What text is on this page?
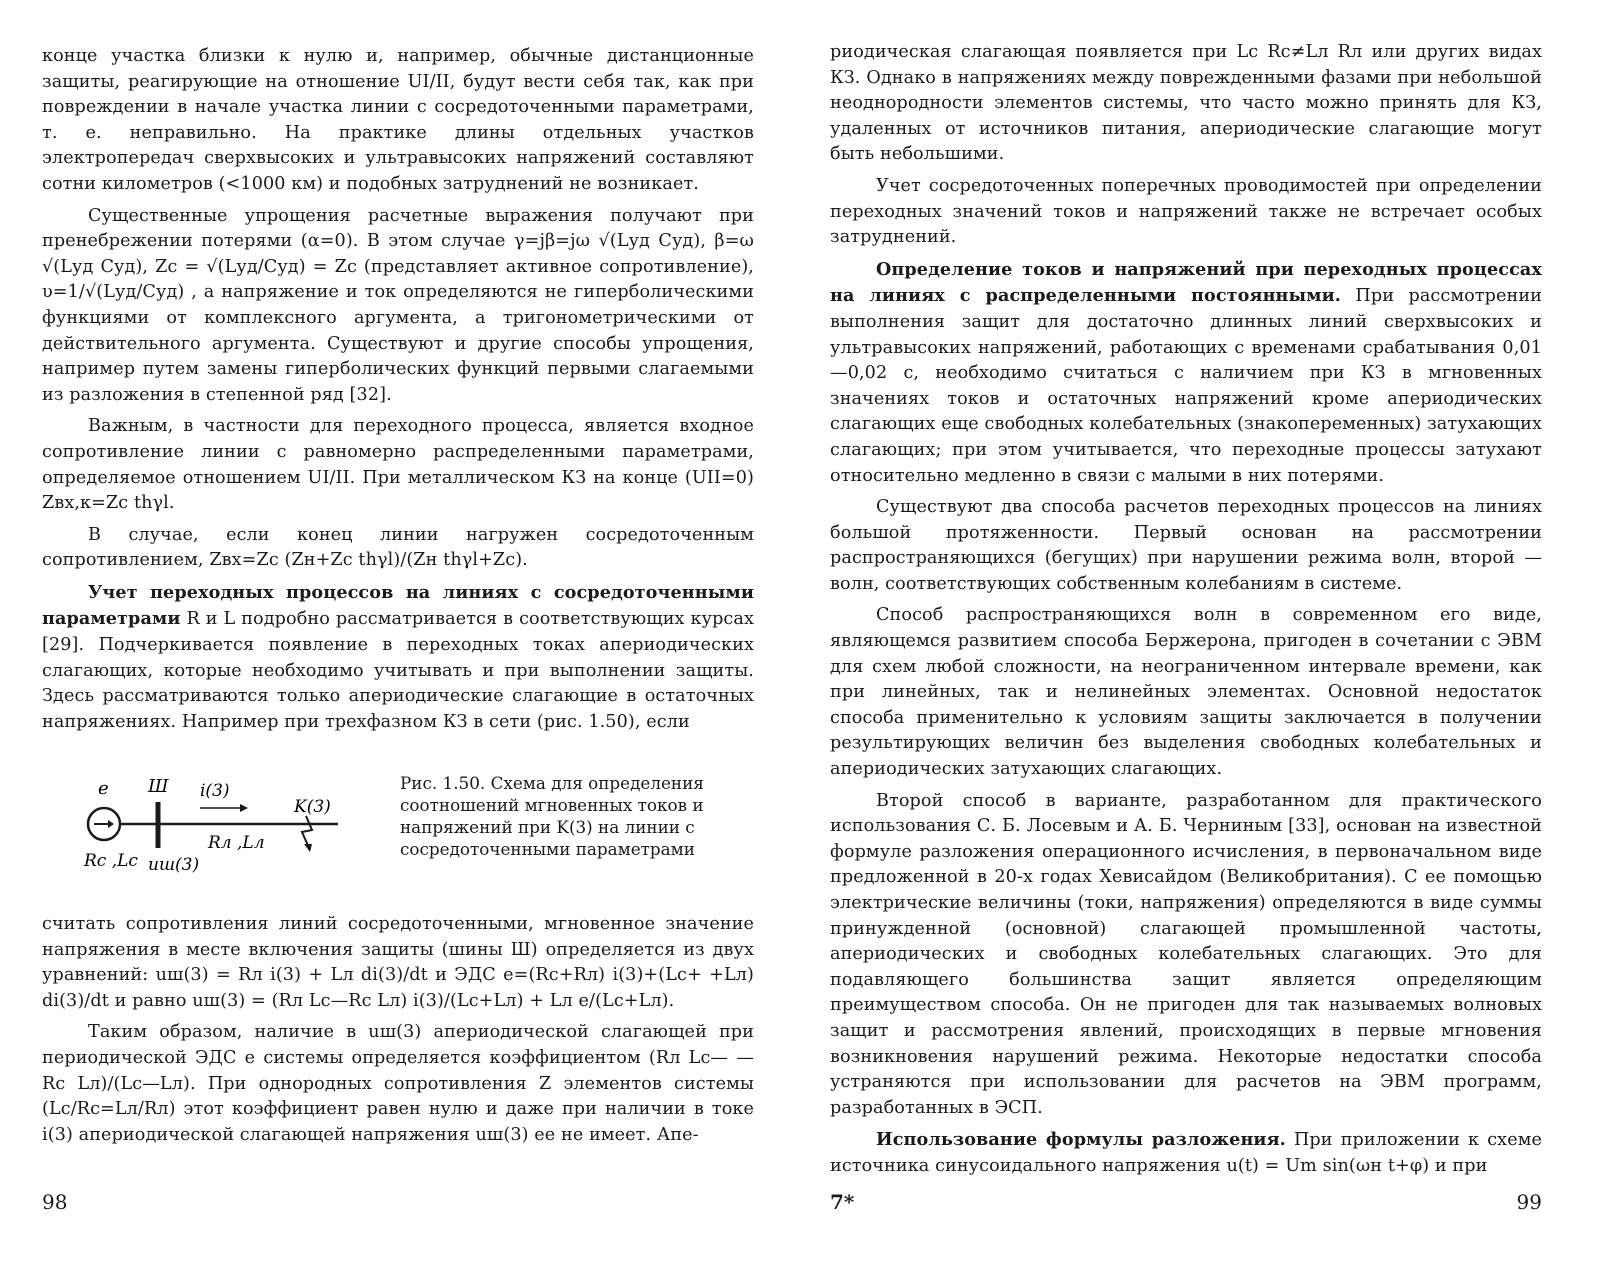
конце участка близки к нулю и, например, обычные дистанционные защиты, реагирующие на отношение UΙ/IΙ, будут вести себя так, как при повреждении в начале участка линии с сосредоточенными параметрами, т. е. неправильно. На практике длины отдельных участков электропередач сверхвысоких и ультравысоких напряжений составляют сотни километров (<1000 км) и подобных затруднений не возникает.

Существенные упрощения расчетные выражения получают при пренебрежении потерями (α=0). В этом случае γ=jβ=jω √(Lуд Cуд), β=ω √(Lуд Cуд), Zc = √(Lуд/Cуд) = Zc (представляет активное сопротивление), υ=1/√(Lуд/Cуд) , а напряжение и ток определяются не гиперболическими функциями от комплексного аргумента, а тригонометрическими от действительного аргумента. Существуют и другие способы упрощения, например путем замены гиперболических функций первыми слагаемыми из разложения в степенной ряд [32].

Важным, в частности для переходного процесса, является входное сопротивление линии с равномерно распределенными параметрами, определяемое отношением UΙ/IΙ. При металлическом КЗ на конце (UΙΙ=0) Zвх,к=Zc thγl.

В случае, если конец линии нагружен сосредоточенным сопротивлением, Zвх=Zc (Zн+Zc thγl)/(Zн thγl+Zc).

Учет переходных процессов на линиях с сосредоточенными параметрами R и L подробно рассматривается в соответствующих курсах [29]. Подчеркивается появление в переходных токах апериодических слагающих, которые необходимо учитывать и при выполнении защиты. Здесь рассматриваются только апериодические слагающие в остаточных напряжениях. Например при трехфазном КЗ в сети (рис. 1.50), если

e Ш i(3)
K(3)
Rл ,Lл
Rc ,Lc uш(3)
Рис. 1.50. Схема для определения соотношений мгновенных токов и напряжений при K(3) на линии с сосредоточенными параметрами

считать сопротивления линий сосредоточенными, мгновенное значение напряжения в месте включения защиты (шины Ш) определяется из двух уравнений: uш(3) = Rл i(3) + Lл di(3)/dt и ЭДС e=(Rc+Rл) i(3)+(Lc+ +Lл) di(3)/dt и равно uш(3) = (Rл Lc—Rc Lл) i(3)/(Lc+Lл) + Lл e/(Lc+Lл).

Таким образом, наличие в uш(3) апериодической слагающей при периодической ЭДС e системы определяется коэффициентом (Rл Lc— —Rc Lл)/(Lc—Lл). При однородных сопротивления Z элементов системы (Lc/Rc=Lл/Rл) этот коэффициент равен нулю и даже при наличии в токе i(3) апериодической слагающей напряжения uш(3) ее не имеет. Апе-

98

риодическая слагающая появляется при Lc Rc≠Lл Rл или других видах КЗ. Однако в напряжениях между поврежденными фазами при небольшой неоднородности элементов системы, что часто можно принять для КЗ, удаленных от источников питания, апериодические слагающие могут быть небольшими.

Учет сосредоточенных поперечных проводимостей при определении переходных значений токов и напряжений также не встречает особых затруднений.

Определение токов и напряжений при переходных процессах на линиях с распределенными постоянными. При рассмотрении выполнения защит для достаточно длинных линий сверхвысоких и ультравысоких напряжений, работающих с временами срабатывания 0,01—0,02 с, необходимо считаться с наличием при КЗ в мгновенных значениях токов и остаточных напряжений кроме апериодических слагающих еще свободных колебательных (знакопеременных) затухающих слагающих; при этом учитывается, что переходные процессы затухают относительно медленно в связи с малыми в них потерями.

Существуют два способа расчетов переходных процессов на линиях большой протяженности. Первый основан на рассмотрении распространяющихся (бегущих) при нарушении режима волн, второй — волн, соответствующих собственным колебаниям в системе.

Способ распространяющихся волн в современном его виде, являющемся развитием способа Бержерона, пригоден в сочетании с ЭВМ для схем любой сложности, на неограниченном интервале времени, как при линейных, так и нелинейных элементах. Основной недостаток способа применительно к условиям защиты заключается в получении результирующих величин без выделения свободных колебательных и апериодических затухающих слагающих.

Второй способ в варианте, разработанном для практического использования С. Б. Лосевым и А. Б. Черниным [33], основан на известной формуле разложения операционного исчисления, в первоначальном виде предложенной в 20-х годах Хевисайдом (Великобритания). С ее помощью электрические величины (токи, напряжения) определяются в виде суммы принужденной (основной) слагающей промышленной частоты, апериодических и свободных колебательных слагающих. Это для подавляющего большинства защит является определяющим преимуществом способа. Он не пригоден для так называемых волновых защит и рассмотрения явлений, происходящих в первые мгновения возникновения нарушений режима. Некоторые недостатки способа устраняются при использовании для расчетов на ЭВМ программ, разработанных в ЭСП.

Использование формулы разложения. При приложении к схеме источника синусоидального напряжения u(t) = Um sin(ωн t+φ) и при

7*	99
